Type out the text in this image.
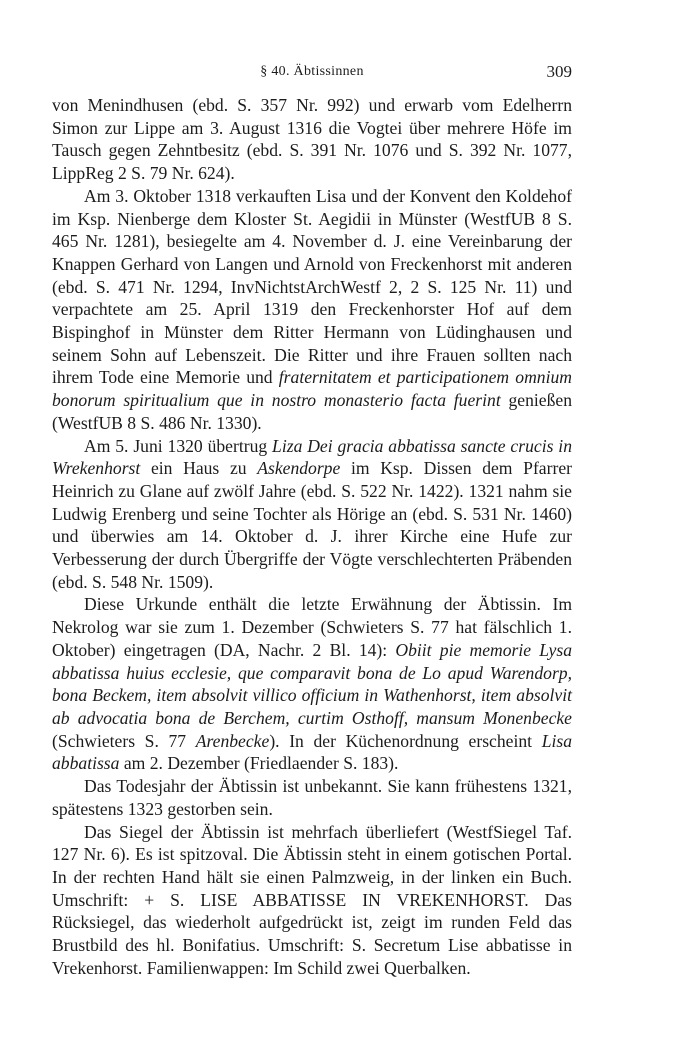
§ 40. Äbtissinnen	309

von Menindhusen (ebd. S. 357 Nr. 992) und erwarb vom Edelherrn Simon zur Lippe am 3. August 1316 die Vogtei über mehrere Höfe im Tausch gegen Zehntbesitz (ebd. S. 391 Nr. 1076 und S. 392 Nr. 1077, LippReg 2 S. 79 Nr. 624).

Am 3. Oktober 1318 verkauften Lisa und der Konvent den Koldehof im Ksp. Nienberge dem Kloster St. Aegidii in Münster (WestfUB 8 S. 465 Nr. 1281), besiegelte am 4. November d. J. eine Vereinbarung der Knappen Gerhard von Langen und Arnold von Freckenhorst mit anderen (ebd. S. 471 Nr. 1294, InvNichtstArchWestf 2, 2 S. 125 Nr. 11) und verpachtete am 25. April 1319 den Freckenhorster Hof auf dem Bispinghof in Münster dem Ritter Hermann von Lüdinghausen und seinem Sohn auf Lebenszeit. Die Ritter und ihre Frauen sollten nach ihrem Tode eine Memorie und fraternitatem et participationem omnium bonorum spiritualium que in nostro monasterio facta fuerint genießen (WestfUB 8 S. 486 Nr. 1330).

Am 5. Juni 1320 übertrug Liza Dei gracia abbatissa sancte crucis in Wrekenhorst ein Haus zu Askendorpe im Ksp. Dissen dem Pfarrer Heinrich zu Glane auf zwölf Jahre (ebd. S. 522 Nr. 1422). 1321 nahm sie Ludwig Erenberg und seine Tochter als Hörige an (ebd. S. 531 Nr. 1460) und überwies am 14. Oktober d. J. ihrer Kirche eine Hufe zur Verbesserung der durch Übergriffe der Vögte verschlechterten Präbenden (ebd. S. 548 Nr. 1509).

Diese Urkunde enthält die letzte Erwähnung der Äbtissin. Im Nekrolog war sie zum 1. Dezember (Schwieters S. 77 hat fälschlich 1. Oktober) eingetragen (DA, Nachr. 2 Bl. 14): Obiit pie memorie Lysa abbatissa huius ecclesie, que comparavit bona de Lo apud Warendorp, bona Beckem, item absolvit villico officium in Wathenhorst, item absolvit ab advocatia bona de Berchem, curtim Osthoff, mansum Monenbecke (Schwieters S. 77 Arenbecke). In der Küchenordnung erscheint Lisa abbatissa am 2. Dezember (Friedlaender S. 183).

Das Todesjahr der Äbtissin ist unbekannt. Sie kann frühestens 1321, spätestens 1323 gestorben sein.

Das Siegel der Äbtissin ist mehrfach überliefert (WestfSiegel Taf. 127 Nr. 6). Es ist spitzoval. Die Äbtissin steht in einem gotischen Portal. In der rechten Hand hält sie einen Palmzweig, in der linken ein Buch. Umschrift: + S. LISE ABBATISSE IN VREKENHORST. Das Rücksiegel, das wiederholt aufgedrückt ist, zeigt im runden Feld das Brustbild des hl. Bonifatius. Umschrift: S. Secretum Lise abbatisse in Vrekenhorst. Familienwappen: Im Schild zwei Querbalken.
